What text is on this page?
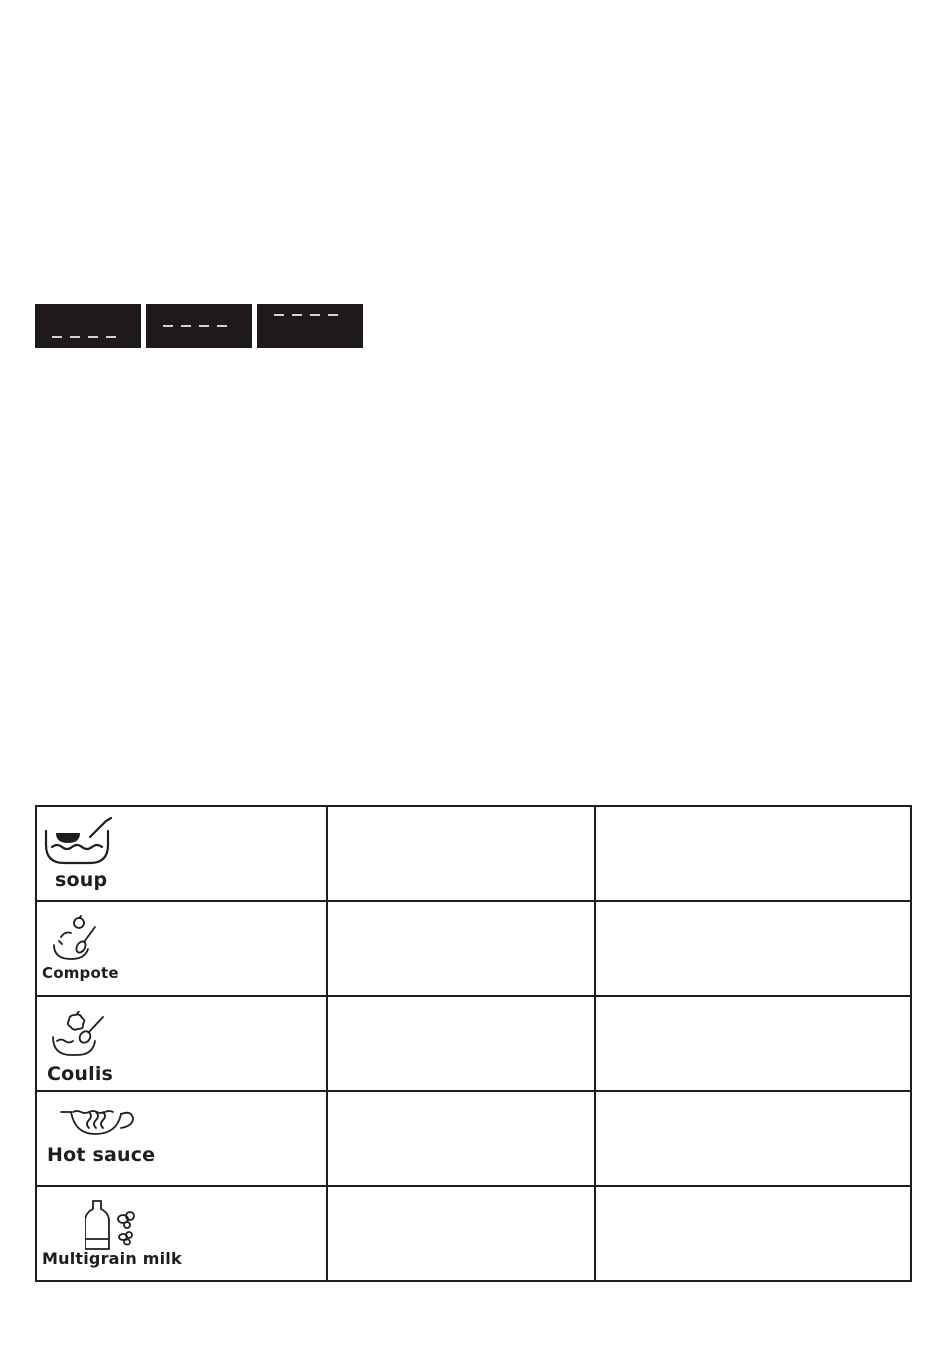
soup		

Compote		

Coulis		

Hot sauce		

Multigrain milk		
